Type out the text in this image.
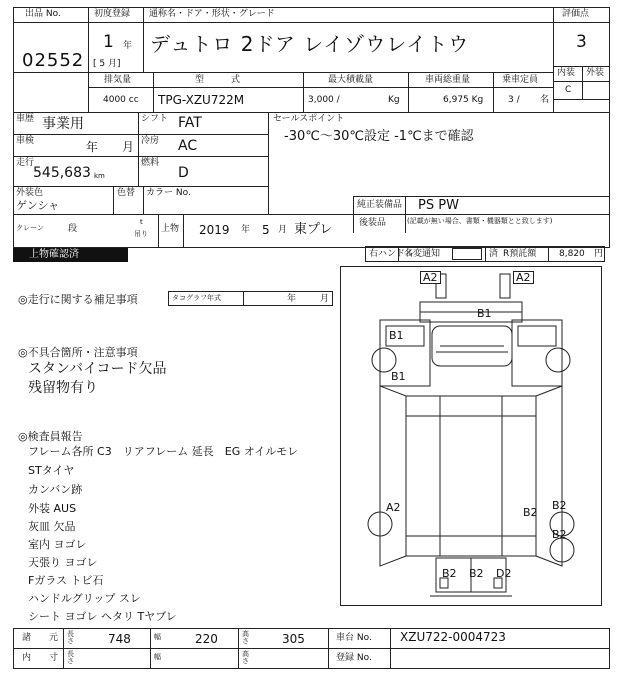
出品 No.
02552
初度登録 通称名・ドア・形状・グレード	評価点
3
1 年
[ 5 月]
デュトロ 2ドア レイゾウレイトウ
内装 外装
C
排気量	型　　　式	最大積載量	車両総重量	乗車定員
4000 cc TPG-XZU722M	3,000 /	Kg	6,975 Kg	3 / 名
車歴 事業用	シフト FAT
車検	年 月 冷房 AC
走行
545,683 km
燃料
D
外装色
ゲンシャ
色替 カラー No.
クレーン	段
t
吊り 上物 2019 年 5 月 東プレ
セールスポイント
-30℃～30℃設定 -1℃まで確認
純正装備品 PS PW
後装品	(記載が無い場合、書類・機器類とと致します)
上物確認済	右ハンドル
名変通知	済 R預託額	8,820 円
◎走行に関する補足事項	タコグラフ年式	年	月
◎不具合箇所・注意事項
スタンバイコード欠品
残留物有り
◎検査員報告
フレーム各所 C3　リアフレーム 延長　EG オイルモレ
STタイヤ
カンバン跡
外装 AUS
灰皿 欠品
室内 ヨゴレ
天張り ヨゴレ
Fガラス トビ石
ハンドルグリップ スレ
シート ヨゴレ ヘタリ Tヤブレ
A2	A2
B1
B1
B1
A2	B2
B2
B2
B2 B2 D2
諸　　元 長さ	748	幅	220	高さ	305	車台 No. XZU722-0004723
内　　寸 長さ	幅	高さ	登録 No.
